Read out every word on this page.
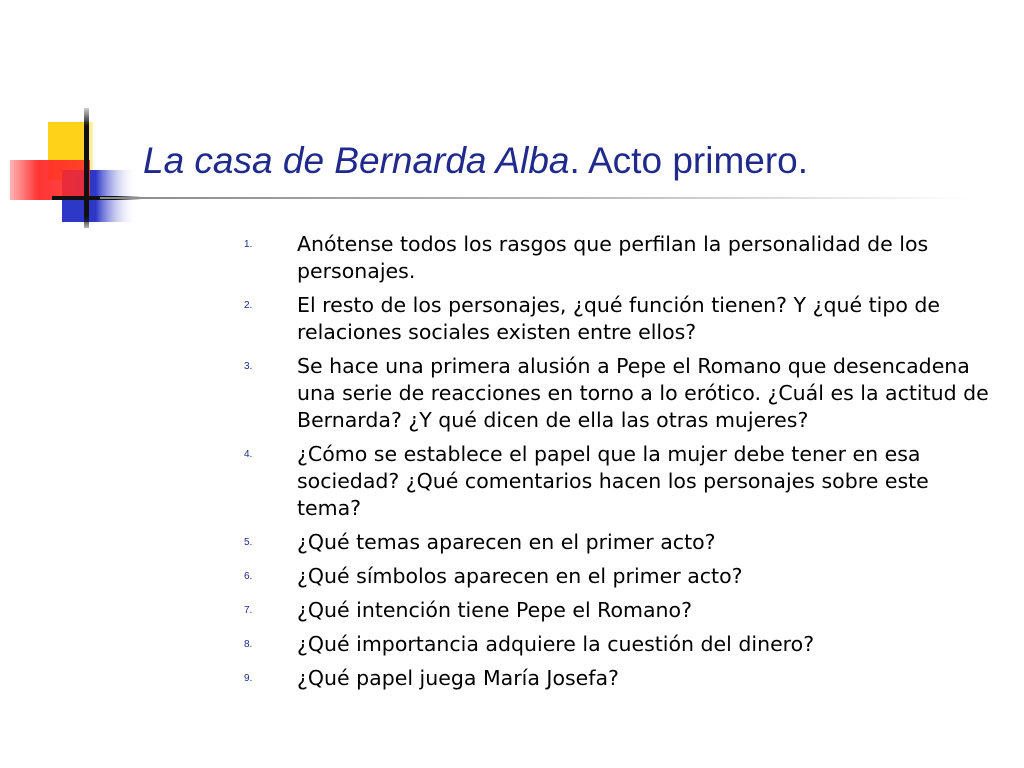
La casa de Bernarda Alba. Acto primero.
1.	Anótense todos los rasgos que perfilan la personalidad de los personajes.
2.	El resto de los personajes, ¿qué función tienen? Y ¿qué tipo de relaciones sociales existen entre ellos?
3.	Se hace una primera alusión a Pepe el Romano que desencadena una serie de reacciones en torno a lo erótico. ¿Cuál es la actitud de Bernarda? ¿Y qué dicen de ella las otras mujeres?
4.	¿Cómo se establece el papel que la mujer debe tener en esa sociedad? ¿Qué comentarios hacen los personajes sobre este tema?
5.	¿Qué temas aparecen en el primer acto?
6.	¿Qué símbolos aparecen en el primer acto?
7.	¿Qué intención tiene Pepe el Romano?
8.	¿Qué importancia adquiere la cuestión del dinero?
9.	¿Qué papel juega María Josefa?
